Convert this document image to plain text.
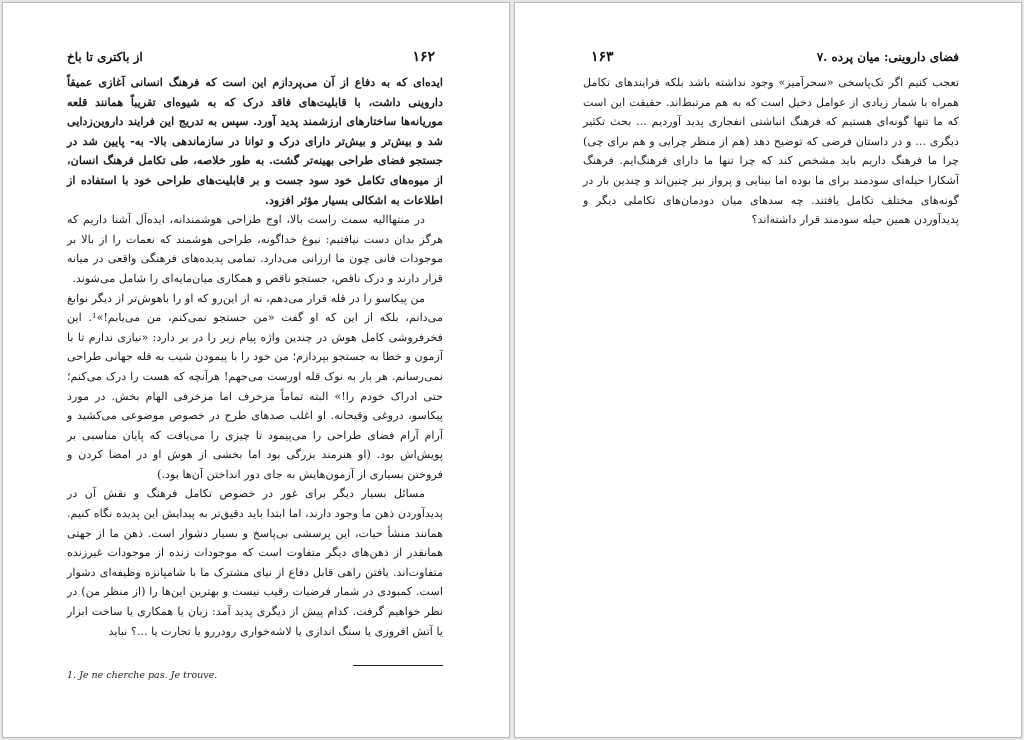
۱۶۲
از باکتری تا باخ

ایده‌ای که به دفاع از آن می‌پردازم این است که فرهنگ انسانی آغازی عمیقاً داروینی داشت، با قابلیت‌های فاقد درک که به شیوه‌ای تقریباً همانند قلعه موریانه‌ها ساختارهای ارزشمند پدید آورد. سپس به تدریج این فرایند داروین‌زدایی شد و بیش‌تر و بیش‌تر دارای درک و توانا در سازماندهی بالا- به- پایین شد در جستجو فضای طراحی بهینه‌تر گشت. به طور خلاصه، طی تکامل فرهنگ انسان، از میوه‌های تکامل خود سود جست و بر قابلیت‌های طراحی خود با استفاده از اطلاعات به اشکالی بسیار مؤثر افزود.

در منتهاالیه سمت راست بالا، اوج طراحی هوشمندانه، ایده‌آل آشنا داریم که هرگز بدان دست نیافتیم: نبوغ خداگونه، طراحی هوشمند که نعمات را از بالا بر موجودات فانی چون ما ارزانی می‌دارد. تمامی پدیده‌های فرهنگی واقعی در میانه قرار دارند و درک ناقص، جستجو ناقص و همکاری میان‌مایه‌ای را شامل می‌شوند.

من پیکاسو را در قله قرار می‌دهم، نه از این‌رو که او را باهوش‌تر از دیگر نوابغ می‌دانم، بلکه از این که او گفت «من جستجو نمی‌کنم، من می‌یابم!»¹. این فخرفروشی کامل هوش در چندین واژه پیام زیر را در بر دارد: «نیازی ندارم تا با آزمون و خطا به جستجو بپردازم؛ من خود را با پیمودن شیب به قله جهانی طراحی نمی‌رسانم. هر بار به نوک قله اورست می‌جهم! هرآنچه که هست را درک می‌کنم؛ حتی ادراک خودم را!» البته تماماً مزخرف اما مزخرفی الهام بخش. در مورد پیکاسو، دروغی وقیحانه. او اغلب صدهای طرح در خصوص موضوعی می‌کشید و آرام آرام فضای طراحی را می‌پیمود تا چیزی را می‌یافت که پایان مناسبی بر پویش‌اش بود. (او هنرمند بزرگی بود اما بخشی از هوش او در امضا کردن و فروختن بسیاری از آزمون‌هایش به جای دور انداختن آن‌ها بود.)

مسائل بسیار دیگر برای غور در خصوص تکامل فرهنگ و نقش آن در پدیدآوردن ذهن ما وجود دارند، اما ابتدا باید دقیق‌تر به پیدایش این پدیده نگاه کنیم. همانند منشأ حیات، این پرسشی بی‌پاسخ و بسیار دشوار است. ذهن ما از جهتی همانقدر از ذهن‌های دیگر متفاوت است که موجودات زنده از موجودات غیرزنده متفاوت‌اند. یافتن راهی قابل دفاع از نیای مشترک ما با شامپانزه وظیفه‌ای دشوار است. کمبودی در شمار فرضیات رقیب نیست و بهترین این‌ها را (از منظر من) در نظر خواهیم گرفت. کدام پیش از دیگری پدید آمد: زبان یا همکاری یا ساخت ابزار یا آتش افروزی یا سنگ اندازی یا لاشه‌خواری رودررو یا تجارت یا ...؟ نباید

1. Je ne cherche pas. Je trouve.
۱۶۳	۷. فضای داروینی: میان پرده

تعجب کنیم اگر تک‌پاسخی «سحرآمیز» وجود نداشته باشد بلکه فرایندهای تکامل همراه با شمار زیادی از عوامل دخیل است که به هم مرتبط‌اند. حقیقت این است که ما تنها گونه‌ای هستیم که فرهنگ انباشتی انفجاری پدید آوردیم ... بحث تکثیر دیگری ... و در داستان فرضی که توضیح دهد (هم از منظر چرایی و هم برای چی) چرا ما فرهنگ داریم باید مشخص کند که چرا تنها ما دارای فرهنگ‌ایم. فرهنگ آشکارا حیله‌ای سودمند برای ما بوده اما بینایی و پرواز نیز چنین‌اند و چندین بار در گونه‌های مختلف تکامل یافتند. چه سدهای میان دودمان‌های تکاملی دیگر و پدیدآوردن همین حیله سودمند قرار داشته‌اند؟
